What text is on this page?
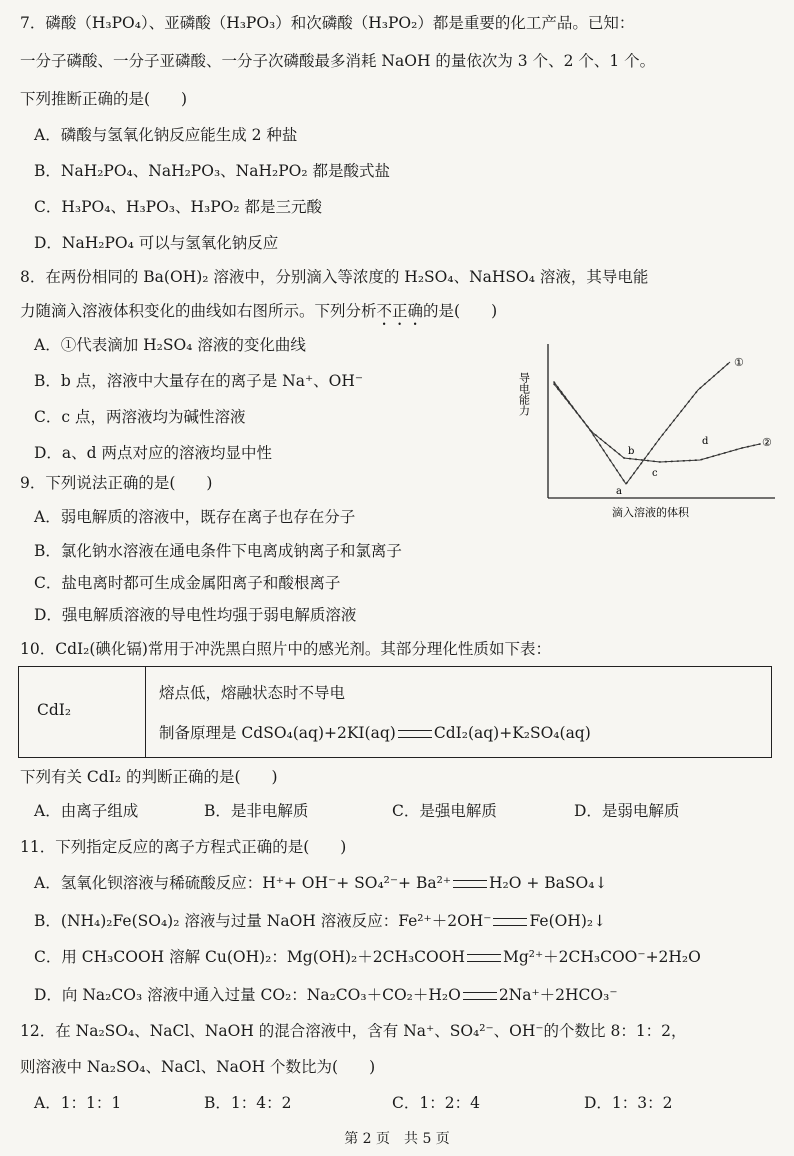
7．磷酸（H₃PO₄）、亚磷酸（H₃PO₃）和次磷酸（H₃PO₂）都是重要的化工产品。已知：
一分子磷酸、一分子亚磷酸、一分子次磷酸最多消耗 NaOH 的量依次为 3 个、2 个、1 个。
下列推断正确的是(　　)
A．磷酸与氢氧化钠反应能生成 2 种盐
B．NaH₂PO₄、NaH₂PO₃、NaH₂PO₂ 都是酸式盐
C．H₃PO₄、H₃PO₃、H₃PO₂ 都是三元酸
D．NaH₂PO₄ 可以与氢氧化钠反应
8．在两份相同的 Ba(OH)₂ 溶液中，分别滴入等浓度的 H₂SO₄、NaHSO₄ 溶液，其导电能
力随滴入溶液体积变化的曲线如右图所示。下列分析不正确的是(　　)
A．①代表滴加 H₂SO₄ 溶液的变化曲线
B．b 点，溶液中大量存在的离子是 Na⁺、OH⁻
C．c 点，两溶液均为碱性溶液
D．a、d 两点对应的溶液均显中性
导电能力
滴入溶液的体积
①
②
a
b
c
d
9．下列说法正确的是(　　)
A．弱电解质的溶液中，既存在离子也存在分子
B．氯化钠水溶液在通电条件下电离成钠离子和氯离子
C．盐电离时都可生成金属阳离子和酸根离子
D．强电解质溶液的导电性均强于弱电解质溶液
10．CdI₂(碘化镉)常用于冲洗黑白照片中的感光剂。其部分理化性质如下表：
CdI₂
熔点低，熔融状态时不导电
制备原理是 CdSO₄(aq)+2KI(aq) CdI₂(aq)+K₂SO₄(aq)
下列有关 CdI₂ 的判断正确的是(　　)
A．由离子组成	B．是非电解质	C．是强电解质	D．是弱电解质
11．下列指定反应的离子方程式正确的是(　　)
A．氢氧化钡溶液与稀硫酸反应：H⁺+ OH⁻+ SO₄²⁻+ Ba²⁺ H₂O + BaSO₄↓
B．(NH₄)₂Fe(SO₄)₂ 溶液与过量 NaOH 溶液反应：Fe²⁺＋2OH⁻ Fe(OH)₂↓
C．用 CH₃COOH 溶解 Cu(OH)₂：Mg(OH)₂＋2CH₃COOH Mg²⁺＋2CH₃COO⁻+2H₂O
D．向 Na₂CO₃ 溶液中通入过量 CO₂：Na₂CO₃＋CO₂＋H₂O 2Na⁺＋2HCO₃⁻
12．在 Na₂SO₄、NaCl、NaOH 的混合溶液中，含有 Na⁺、SO₄²⁻、OH⁻的个数比 8：1：2，
则溶液中 Na₂SO₄、NaCl、NaOH 个数比为(　　)
A．1：1：1	B．1：4：2	C．1：2：4	D．1：3：2
第 2 页　共 5 页
